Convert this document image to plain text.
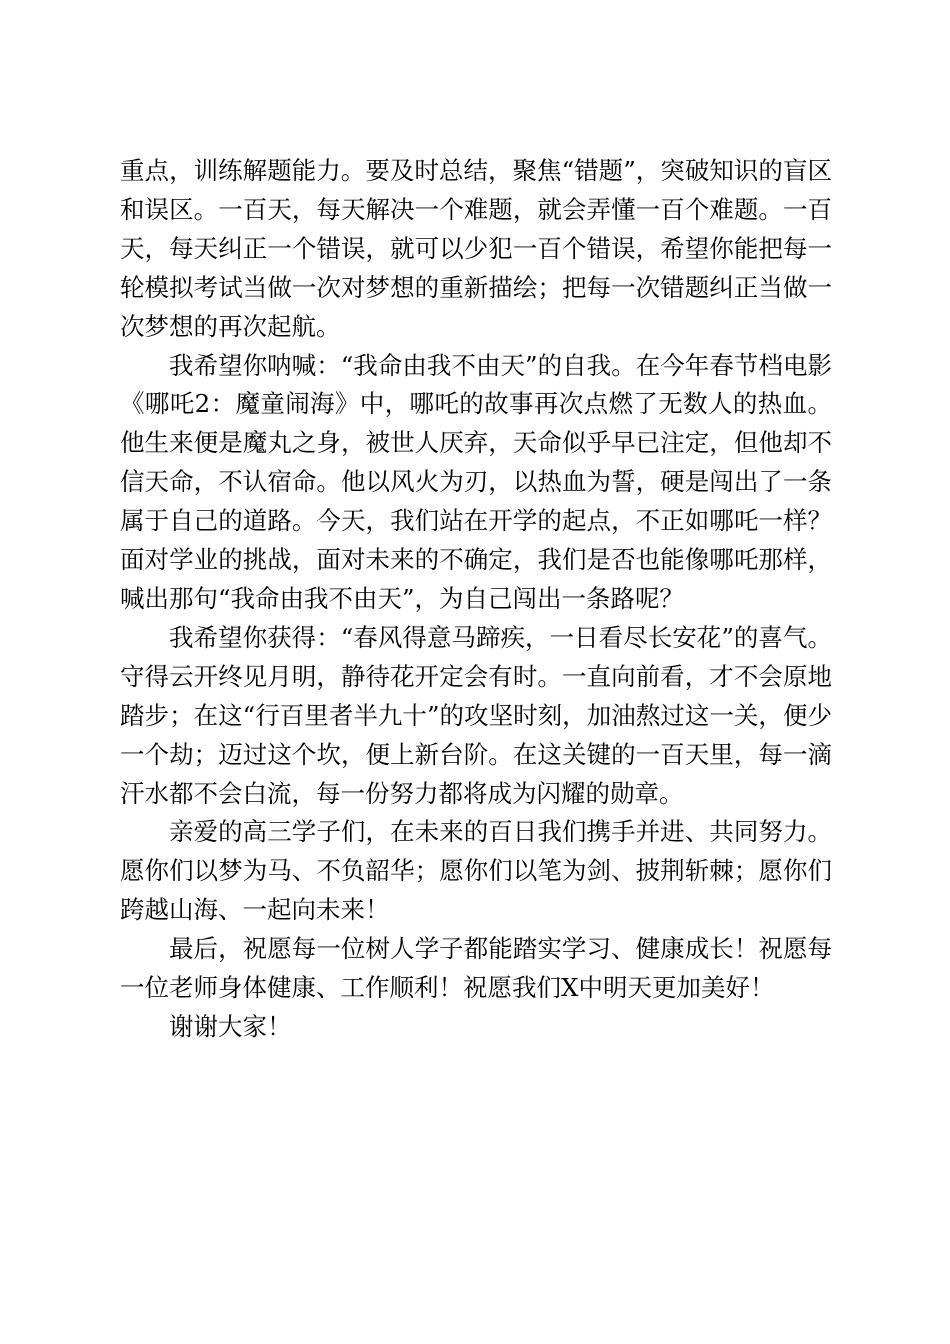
重点，训练解题能力。要及时总结，聚焦“错题”，突破知识的盲区和误区。一百天，每天解决一个难题，就会弄懂一百个难题。一百天，每天纠正一个错误，就可以少犯一百个错误，希望你能把每一轮模拟考试当做一次对梦想的重新描绘；把每一次错题纠正当做一次梦想的再次起航。

我希望你呐喊：“我命由我不由天”的自我。在今年春节档电影《哪吒2：魔童闹海》中，哪吒的故事再次点燃了无数人的热血。他生来便是魔丸之身，被世人厌弃，天命似乎早已注定，但他却不信天命，不认宿命。他以风火为刃，以热血为誓，硬是闯出了一条属于自己的道路。今天，我们站在开学的起点，不正如哪吒一样？面对学业的挑战，面对未来的不确定，我们是否也能像哪吒那样，喊出那句“我命由我不由天”，为自己闯出一条路呢？

我希望你获得：“春风得意马蹄疾，一日看尽长安花”的喜气。守得云开终见月明，静待花开定会有时。一直向前看，才不会原地踏步；在这“行百里者半九十”的攻坚时刻，加油熬过这一关，便少一个劫；迈过这个坎，便上新台阶。在这关键的一百天里，每一滴汗水都不会白流，每一份努力都将成为闪耀的勋章。

亲爱的高三学子们，在未来的百日我们携手并进、共同努力。愿你们以梦为马、不负韶华；愿你们以笔为剑、披荆斩棘；愿你们跨越山海、一起向未来！

最后，祝愿每一位树人学子都能踏实学习、健康成长！祝愿每一位老师身体健康、工作顺利！祝愿我们X中明天更加美好！

谢谢大家！
